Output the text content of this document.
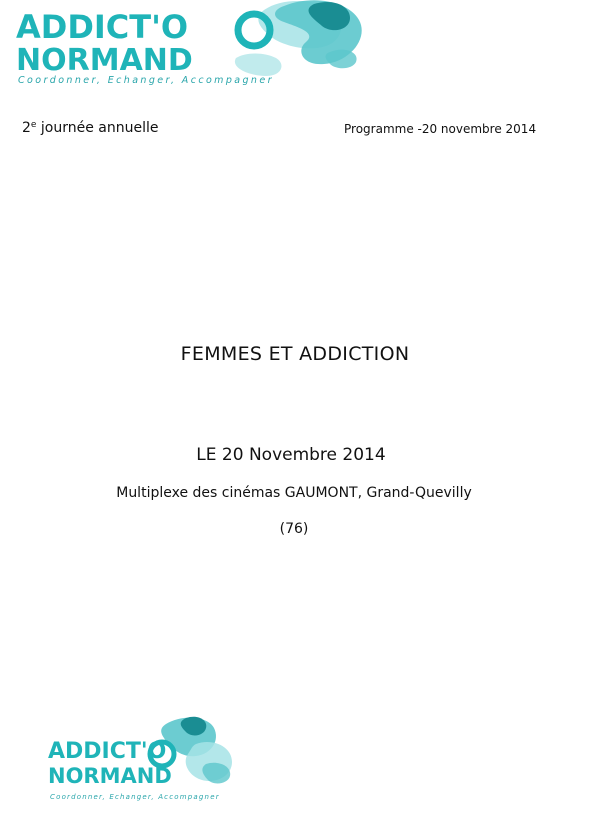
ADDICT'O
NORMAND
Coordonner, Echanger, Accompagner
2e journée annuelle	Programme -20 novembre 2014
FEMMES ET ADDICTION
LE 20 Novembre 2014
Multiplexe des cinémas GAUMONT, Grand-Quevilly
(76)
ADDICT'O
NORMAND
Coordonner, Echanger, Accompagner
